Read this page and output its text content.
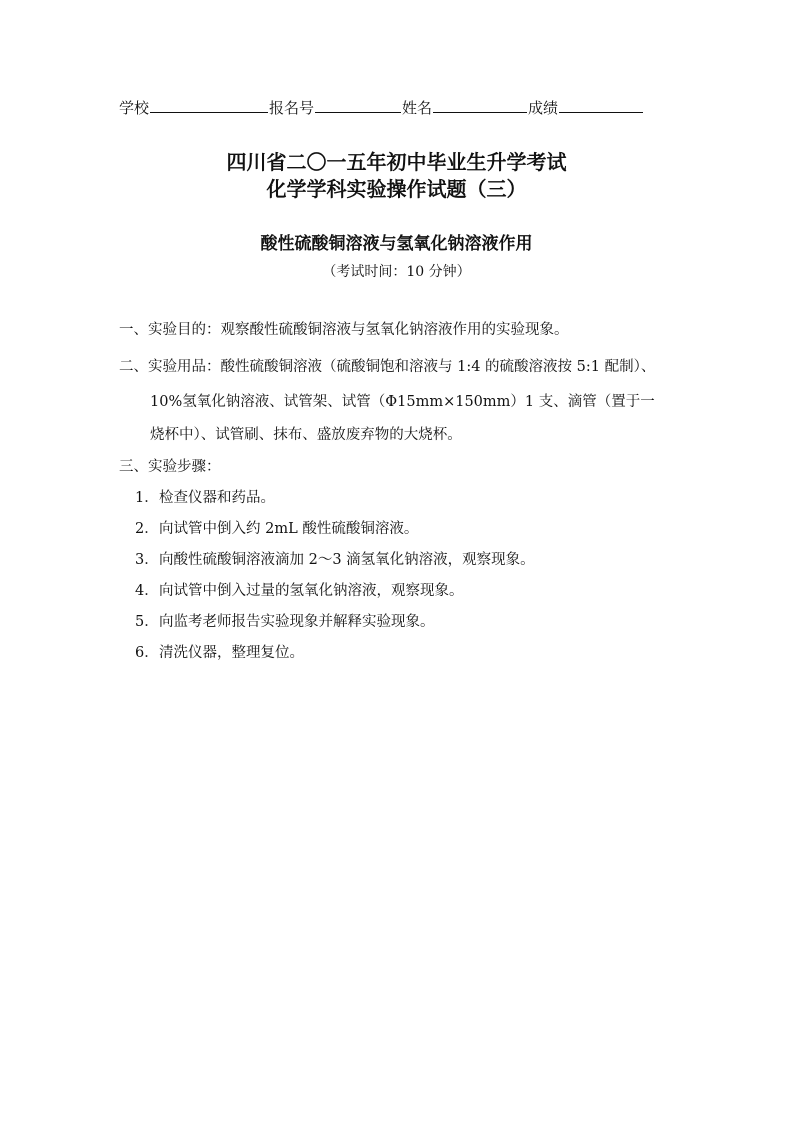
学校	报名号	姓名	成绩
四川省二〇一五年初中毕业生升学考试
化学学科实验操作试题（三）
酸性硫酸铜溶液与氢氧化钠溶液作用
（考试时间：10 分钟）
一、实验目的：观察酸性硫酸铜溶液与氢氧化钠溶液作用的实验现象。
二、实验用品：酸性硫酸铜溶液（硫酸铜饱和溶液与 1:4 的硫酸溶液按 5:1 配制）、
10%氢氧化钠溶液、试管架、试管（Φ15mm×150mm）1 支、滴管（置于一
烧杯中）、试管刷、抹布、盛放废弃物的大烧杯。
三、实验步骤：
1．检查仪器和药品。
2．向试管中倒入约 2mL 酸性硫酸铜溶液。
3．向酸性硫酸铜溶液滴加 2～3 滴氢氧化钠溶液，观察现象。
4．向试管中倒入过量的氢氧化钠溶液，观察现象。
5．向监考老师报告实验现象并解释实验现象。
6．清洗仪器，整理复位。
